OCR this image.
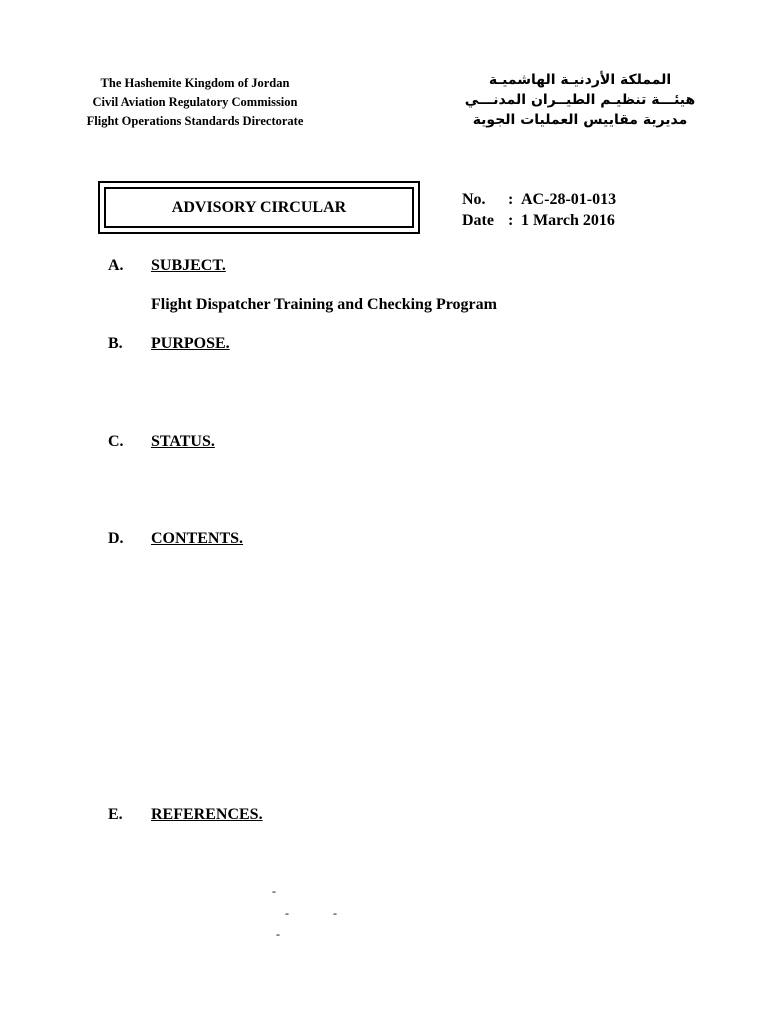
The Hashemite Kingdom of Jordan
Civil Aviation Regulatory Commission
Flight Operations Standards Directorate
المملكة الأردنيـة الهاشميـة
هيئـــة تنظيـم الطيــران المدنـــي
مديرية مقاييس العمليات الجوية
ADVISORY CIRCULAR	No.	: AC-28-01-013
Date : 1 March 2016
A.	SUBJECT.
Flight Dispatcher Training and Checking Program
B.	PURPOSE.
C.	STATUS.
D.	CONTENTS.
E.	REFERENCES.
-
-	-
-
